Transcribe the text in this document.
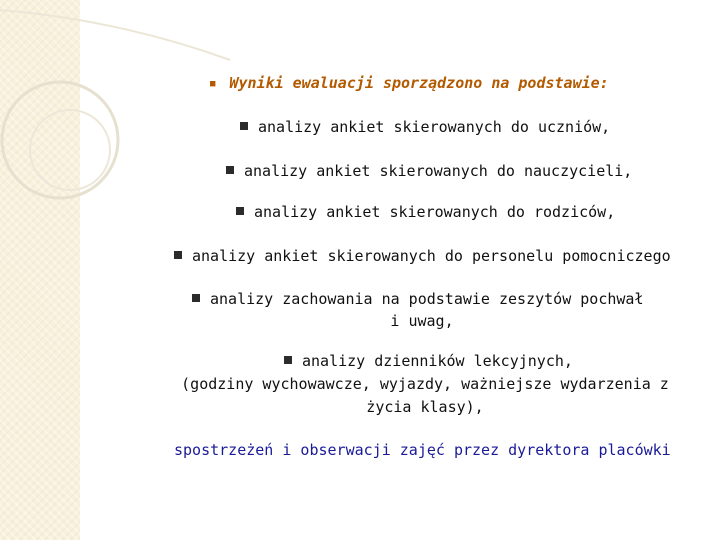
■ Wyniki ewaluacji sporządzono na podstawie:
analizy ankiet skierowanych do uczniów,
analizy ankiet skierowanych do nauczycieli,
analizy ankiet skierowanych do rodziców,
analizy ankiet skierowanych do personelu pomocniczego
analizy zachowania na podstawie zeszytów pochwał
i uwag,
analizy dzienników lekcyjnych,
(godziny wychowawcze, wyjazdy, ważniejsze wydarzenia z
życia klasy),
spostrzeżeń i obserwacji zajęć przez dyrektora placówki
